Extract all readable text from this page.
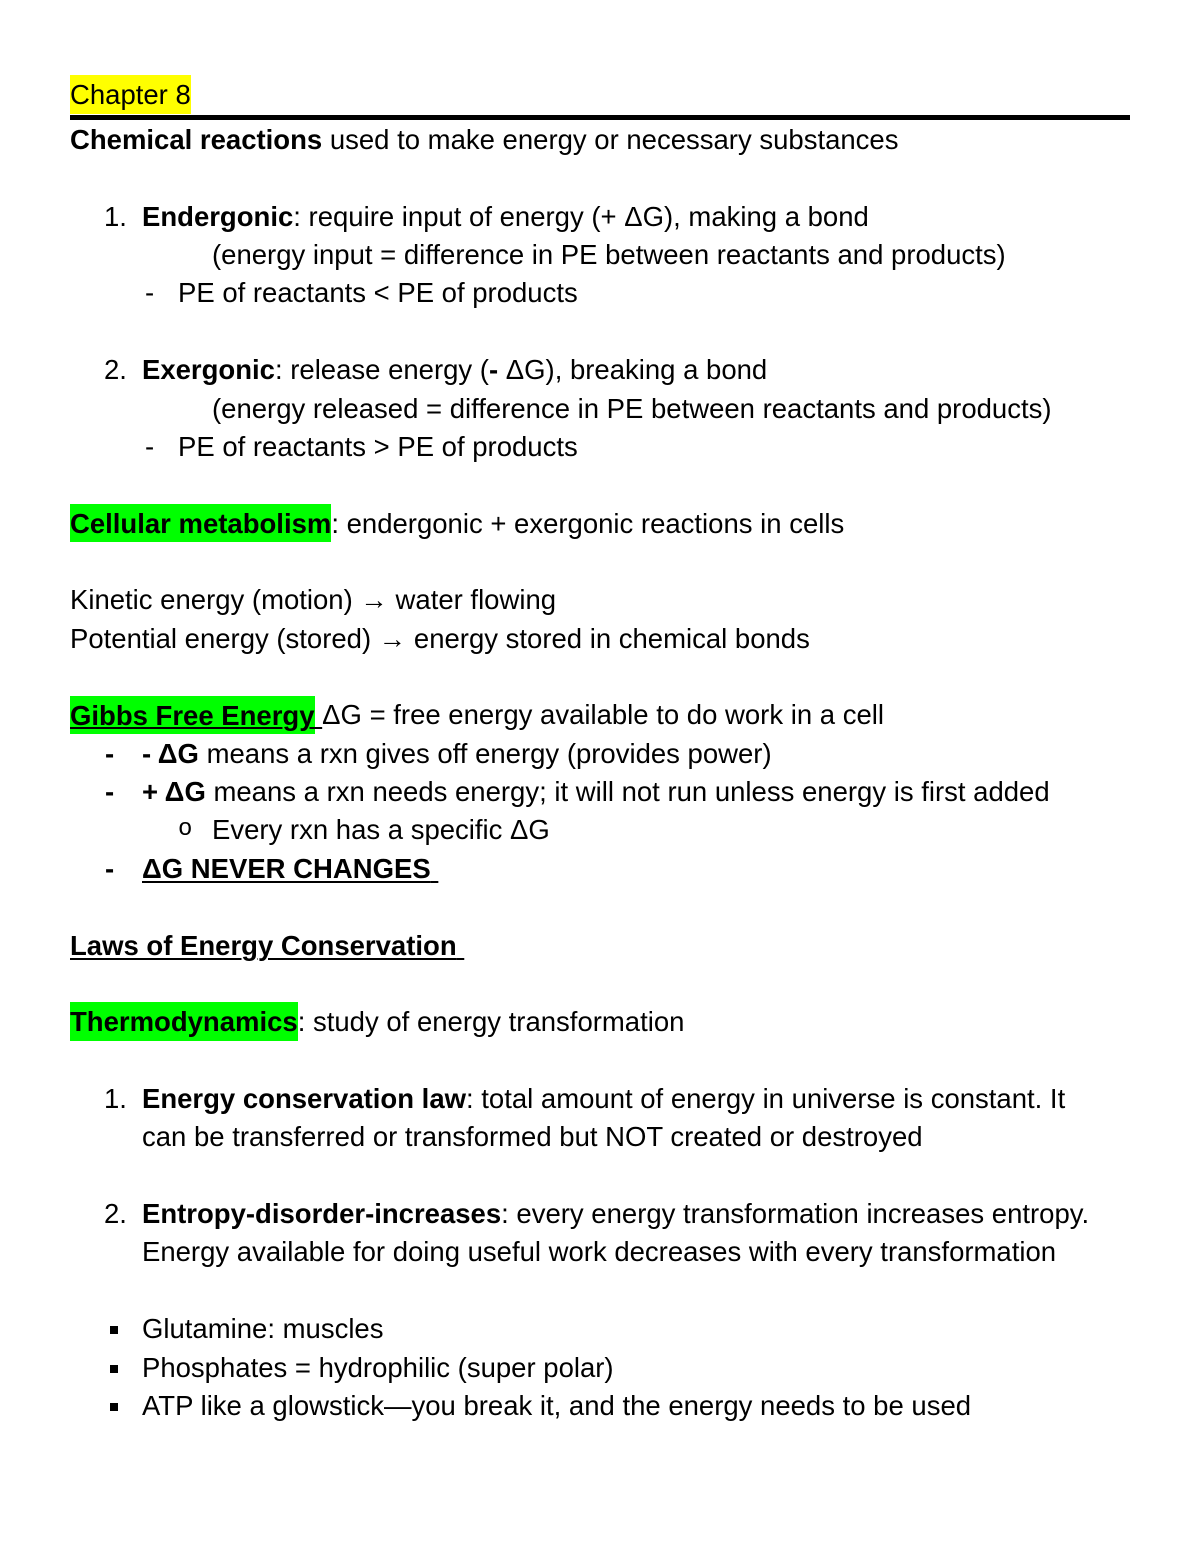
Chapter 8
Chemical reactions used to make energy or necessary substances
1. Endergonic: require input of energy (+ ΔG), making a bond
(energy input = difference in PE between reactants and products)
- PE of reactants < PE of products
2. Exergonic: release energy (- ΔG), breaking a bond
(energy released = difference in PE between reactants and products)
- PE of reactants > PE of products
Cellular metabolism: endergonic + exergonic reactions in cells
Kinetic energy (motion) → water flowing
Potential energy (stored) → energy stored in chemical bonds
Gibbs Free Energy ΔG = free energy available to do work in a cell
- - ΔG means a rxn gives off energy (provides power)
- + ΔG means a rxn needs energy; it will not run unless energy is first added
o Every rxn has a specific ΔG
- ΔG NEVER CHANGES
Laws of Energy Conservation
Thermodynamics: study of energy transformation
1. Energy conservation law: total amount of energy in universe is constant. It
can be transferred or transformed but NOT created or destroyed
2. Entropy-disorder-increases: every energy transformation increases entropy.
Energy available for doing useful work decreases with every transformation
Glutamine: muscles
Phosphates = hydrophilic (super polar)
ATP like a glowstick—you break it, and the energy needs to be used
